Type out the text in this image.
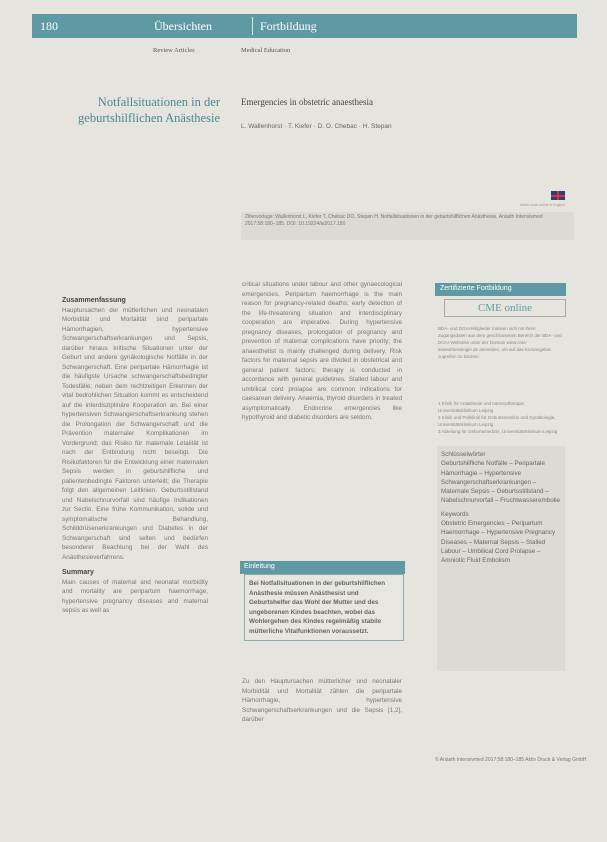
180	Übersichten	Fortbildung
Review Articles	Medical Education
Notfallsituationen in der geburtshilflichen Anästhesie
Emergencies in obstetric anaesthesia
L. Wallenhorst · T. Kiefer · D. O. Chebac · H. Stepan
Artikel auch online in English
Zitiervorlage: Wallenhorst L, Kiefer T, Chebac DO, Stepan H. Notfallsituationen in der geburtshilflichen Anästhesie. Anästh Intensivmed 2017;58:180–185. DOI: 10.19224/ai2017.180
Zusammenfassung
Hauptursachen der mütterlichen und neonatalen Morbidität und Mortalität sind peripartale Hämorrhagien, hypertensive Schwangerschaftserkrankungen und Sepsis, darüber hinaus kritische Situationen unter der Geburt und andere gynäkologische Notfälle in der Schwangerschaft. Eine peripartale Hämorrhagie ist die häufigste Ursache schwangerschaftsbedingter Todesfälle; neben dem rechtzeitigen Erkennen der vital bedrohlichen Situation kommt es entscheidend auf die interdisziplinäre Kooperation an. Bei einer hypertensiven Schwangerschaftserkrankung stehen die Prolongation der Schwangerschaft und die Prävention maternaler Komplikationen im Vordergrund; das Risiko für maternale Letalität ist nach der Entbindung nicht beseitigt. Die Risikofaktoren für die Entwicklung einer maternalen Sepsis werden in geburtshilfliche und patientenbedingte Faktoren unterteilt; die Therapie folgt den allgemeinen Leitlinien. Geburtsstillstand und Nabelschnurvorfall sind häufige Indikationen zur Sectio. Eine frühe Kommunikation, solide und symptomatische Behandlung, Schilddrüsenerkrankungen und Diabetes in der Schwangerschaft sind selten und bedürfen besonderer Beachtung bei der Wahl des Anästhesieverfahrens.
Summary
Main causes of maternal and neonatal morbidity and mortality are peripartum haemorrhage, hypertensive pregnancy diseases and maternal sepsis as well as
critical situations under labour and other gynaecological emergencies. Peripartum haemorrhage is the main reason for pregnancy-related deaths; early detection of the life-threatening situation and interdisciplinary cooperation are imperative. During hypertensive pregnancy diseases, prolongation of pregnancy and prevention of maternal complications have priority; the anaesthetist is mainly challenged during delivery. Risk factors for maternal sepsis are divided in obstetrical and general patient factors; therapy is conducted in accordance with general guidelines. Stalled labour and umbilical cord prolapse are common indications for caesarean delivery. Anaemia, thyroid disorders in treated asymptomatically. Endocrine emergencies like hypothyroid and diabetic disorders are seldom.
Einleitung
Bei Notfallsituationen in der geburtshilflichen Anästhesie müssen Anästhesist und Geburtshelfer das Wohl der Mutter und des ungeborenen Kindes beachten, wobei das Wohlergehen des Kindes regelmäßig stabile mütterliche Vitalfunktionen voraussetzt.
Zu den Hauptursachen mütterlicher und neonataler Morbidität und Mortalität zählen die peripartale Hämorrhagie, hypertensive Schwangerschaftserkrankungen und die Sepsis [1,2], darüber
Zertifizierte Fortbildung
CME online
BDA- und DGAI-Mitglieder müssen sich mit ihren Zugangsdaten aus dem geschlossenen Bereich der BDA- und DGAI-Webseite unter der Domain www.cme-anaesthesiologie.de anmelden, um auf das Kursangebot zugreifen zu können.
1 Klinik für Anästhesie und Intensivtherapie, Universitätsklinikum Leipzig
2 Klinik und Poliklinik für Geburtsmedizin und Gynäkologie, Universitätsklinikum Leipzig
3 Abteilung für Geburtsmedizin, Universitätsklinikum Leipzig
Schlüsselwörter
Geburtshilfliche Notfälle – Peripartale Hämorrhagie – Hypertensive Schwangerschaftserkrankungen – Maternale Sepsis – Geburtsstillstand – Nabelschnurvorfall – Fruchtwasserembolie
Keywords
Obstetric Emergencies – Peripartum Haemorrhage – Hypertensive Pregnancy Diseases – Maternal Sepsis – Stalled Labour – Umbilical Cord Prolapse – Amniotic Fluid Embolism
© Anästh Intensivmed 2017;58:180–185 Aktiv Druck & Verlag GmbH
